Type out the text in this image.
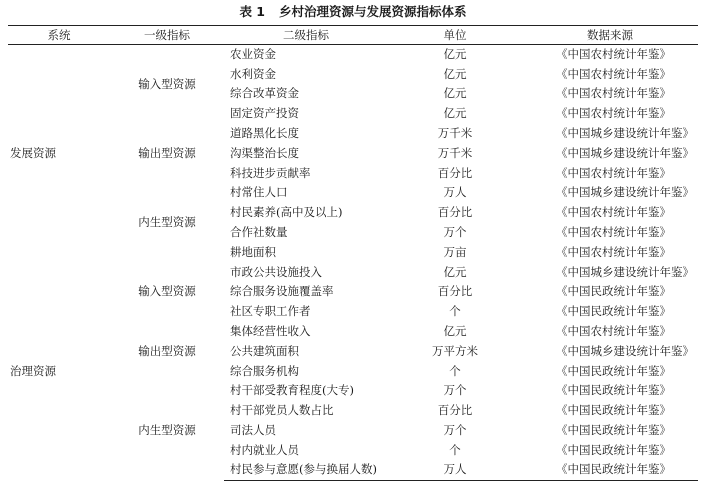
表 1 乡村治理资源与发展资源指标体系
系统	一级指标	二级指标	单位	数据来源
发展资源	输入型资源	农业资金	亿元	《中国农村统计年鉴》
		水利资金	亿元	《中国农村统计年鉴》
		综合改革资金	亿元	《中国农村统计年鉴》
		固定资产投资	亿元	《中国农村统计年鉴》
	输出型资源	道路黑化长度	万千米	《中国城乡建设统计年鉴》
		沟渠整治长度	万千米	《中国城乡建设统计年鉴》
		科技进步贡献率	百分比	《中国农村统计年鉴》
	内生型资源	村常住人口	万人	《中国城乡建设统计年鉴》
		村民素养(高中及以上)	百分比	《中国农村统计年鉴》
		合作社数量	万个	《中国农村统计年鉴》
		耕地面积	万亩	《中国农村统计年鉴》
治理资源	输入型资源	市政公共设施投入	亿元	《中国城乡建设统计年鉴》
		综合服务设施覆盖率	百分比	《中国民政统计年鉴》
		社区专职工作者	个	《中国民政统计年鉴》
	输出型资源	集体经营性收入	亿元	《中国农村统计年鉴》
		公共建筑面积	万平方米	《中国城乡建设统计年鉴》
		综合服务机构	个	《中国民政统计年鉴》
	内生型资源	村干部受教育程度(大专)	万个	《中国民政统计年鉴》
		村干部党员人数占比	百分比	《中国民政统计年鉴》
		司法人员	万个	《中国民政统计年鉴》
		村内就业人员	个	《中国民政统计年鉴》
		村民参与意愿(参与换届人数)	万人	《中国民政统计年鉴》
